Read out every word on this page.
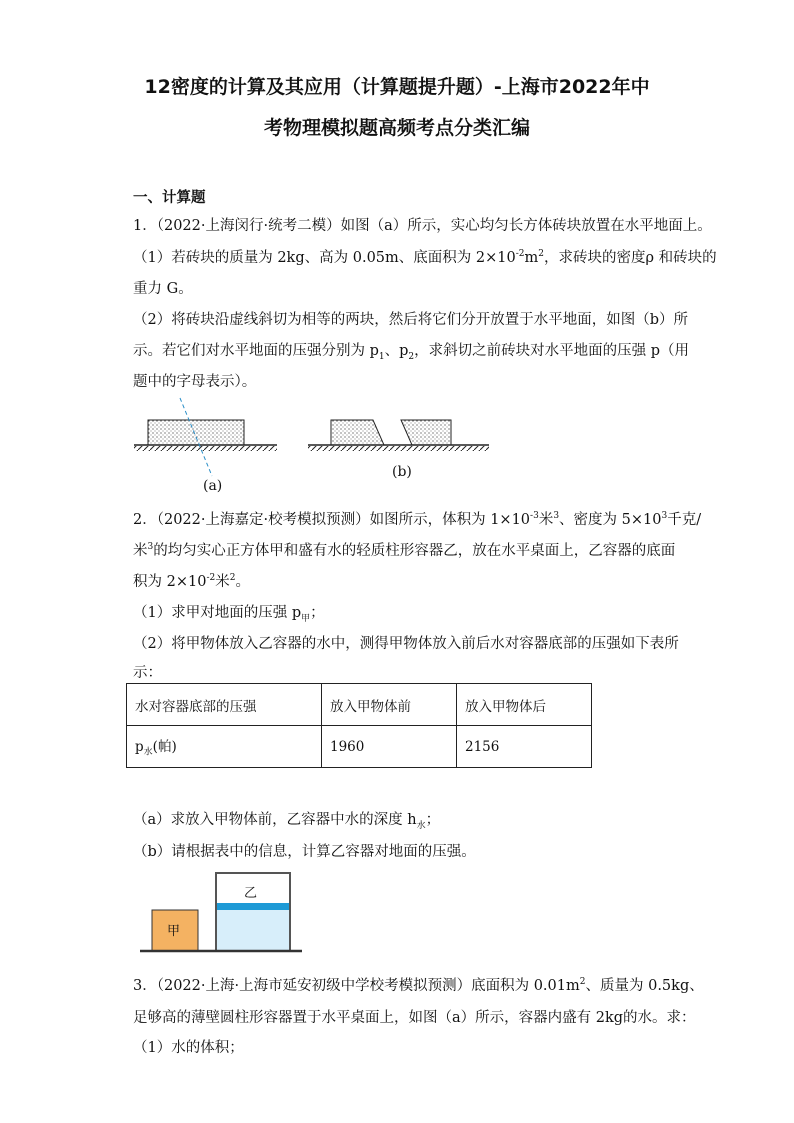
12密度的计算及其应用（计算题提升题）-上海市2022年中
考物理模拟题高频考点分类汇编
一、计算题
1．（2022·上海闵行·统考二模）如图（a）所示，实心均匀长方体砖块放置在水平地面上。
（1）若砖块的质量为 2kg、高为 0.05m、底面积为 $2\times 10^{-2}m^2$，求砖块的密度ρ 和砖块的
重力 G。
（2）将砖块沿虚线斜切为相等的两块，然后将它们分开放置于水平地面，如图（b）所
示。若它们对水平地面的压强分别为 $p_1$、$p_2$，求斜切之前砖块对水平地面的压强 p（用
题中的字母表示）。
(a)
(b)
2．（2022·上海嘉定·校考模拟预测）如图所示，体积为 $1\times 10^{-3}$米$^3$、密度为 $5\times 10^3$千克/
米$^3$的均匀实心正方体甲和盛有水的轻质柱形容器乙，放在水平桌面上，乙容器的底面
积为 $2\times 10^{-2}$米$^2$。
（1）求甲对地面的压强 $p_甲$；
（2）将甲物体放入乙容器的水中，测得甲物体放入前后水对容器底部的压强如下表所
示：
水对容器底部的压强	放入甲物体前	放入甲物体后
$p_水$(帕)	1960	2156
（a）求放入甲物体前，乙容器中水的深度 $h_水$；
（b）请根据表中的信息，计算乙容器对地面的压强。
乙
甲
3．（2022·上海·上海市延安初级中学校考模拟预测）底面积为 $0.01m^2$、质量为 0.5kg、
足够高的薄壁圆柱形容器置于水平桌面上，如图（a）所示，容器内盛有 2kg的水。求：
（1）水的体积；
